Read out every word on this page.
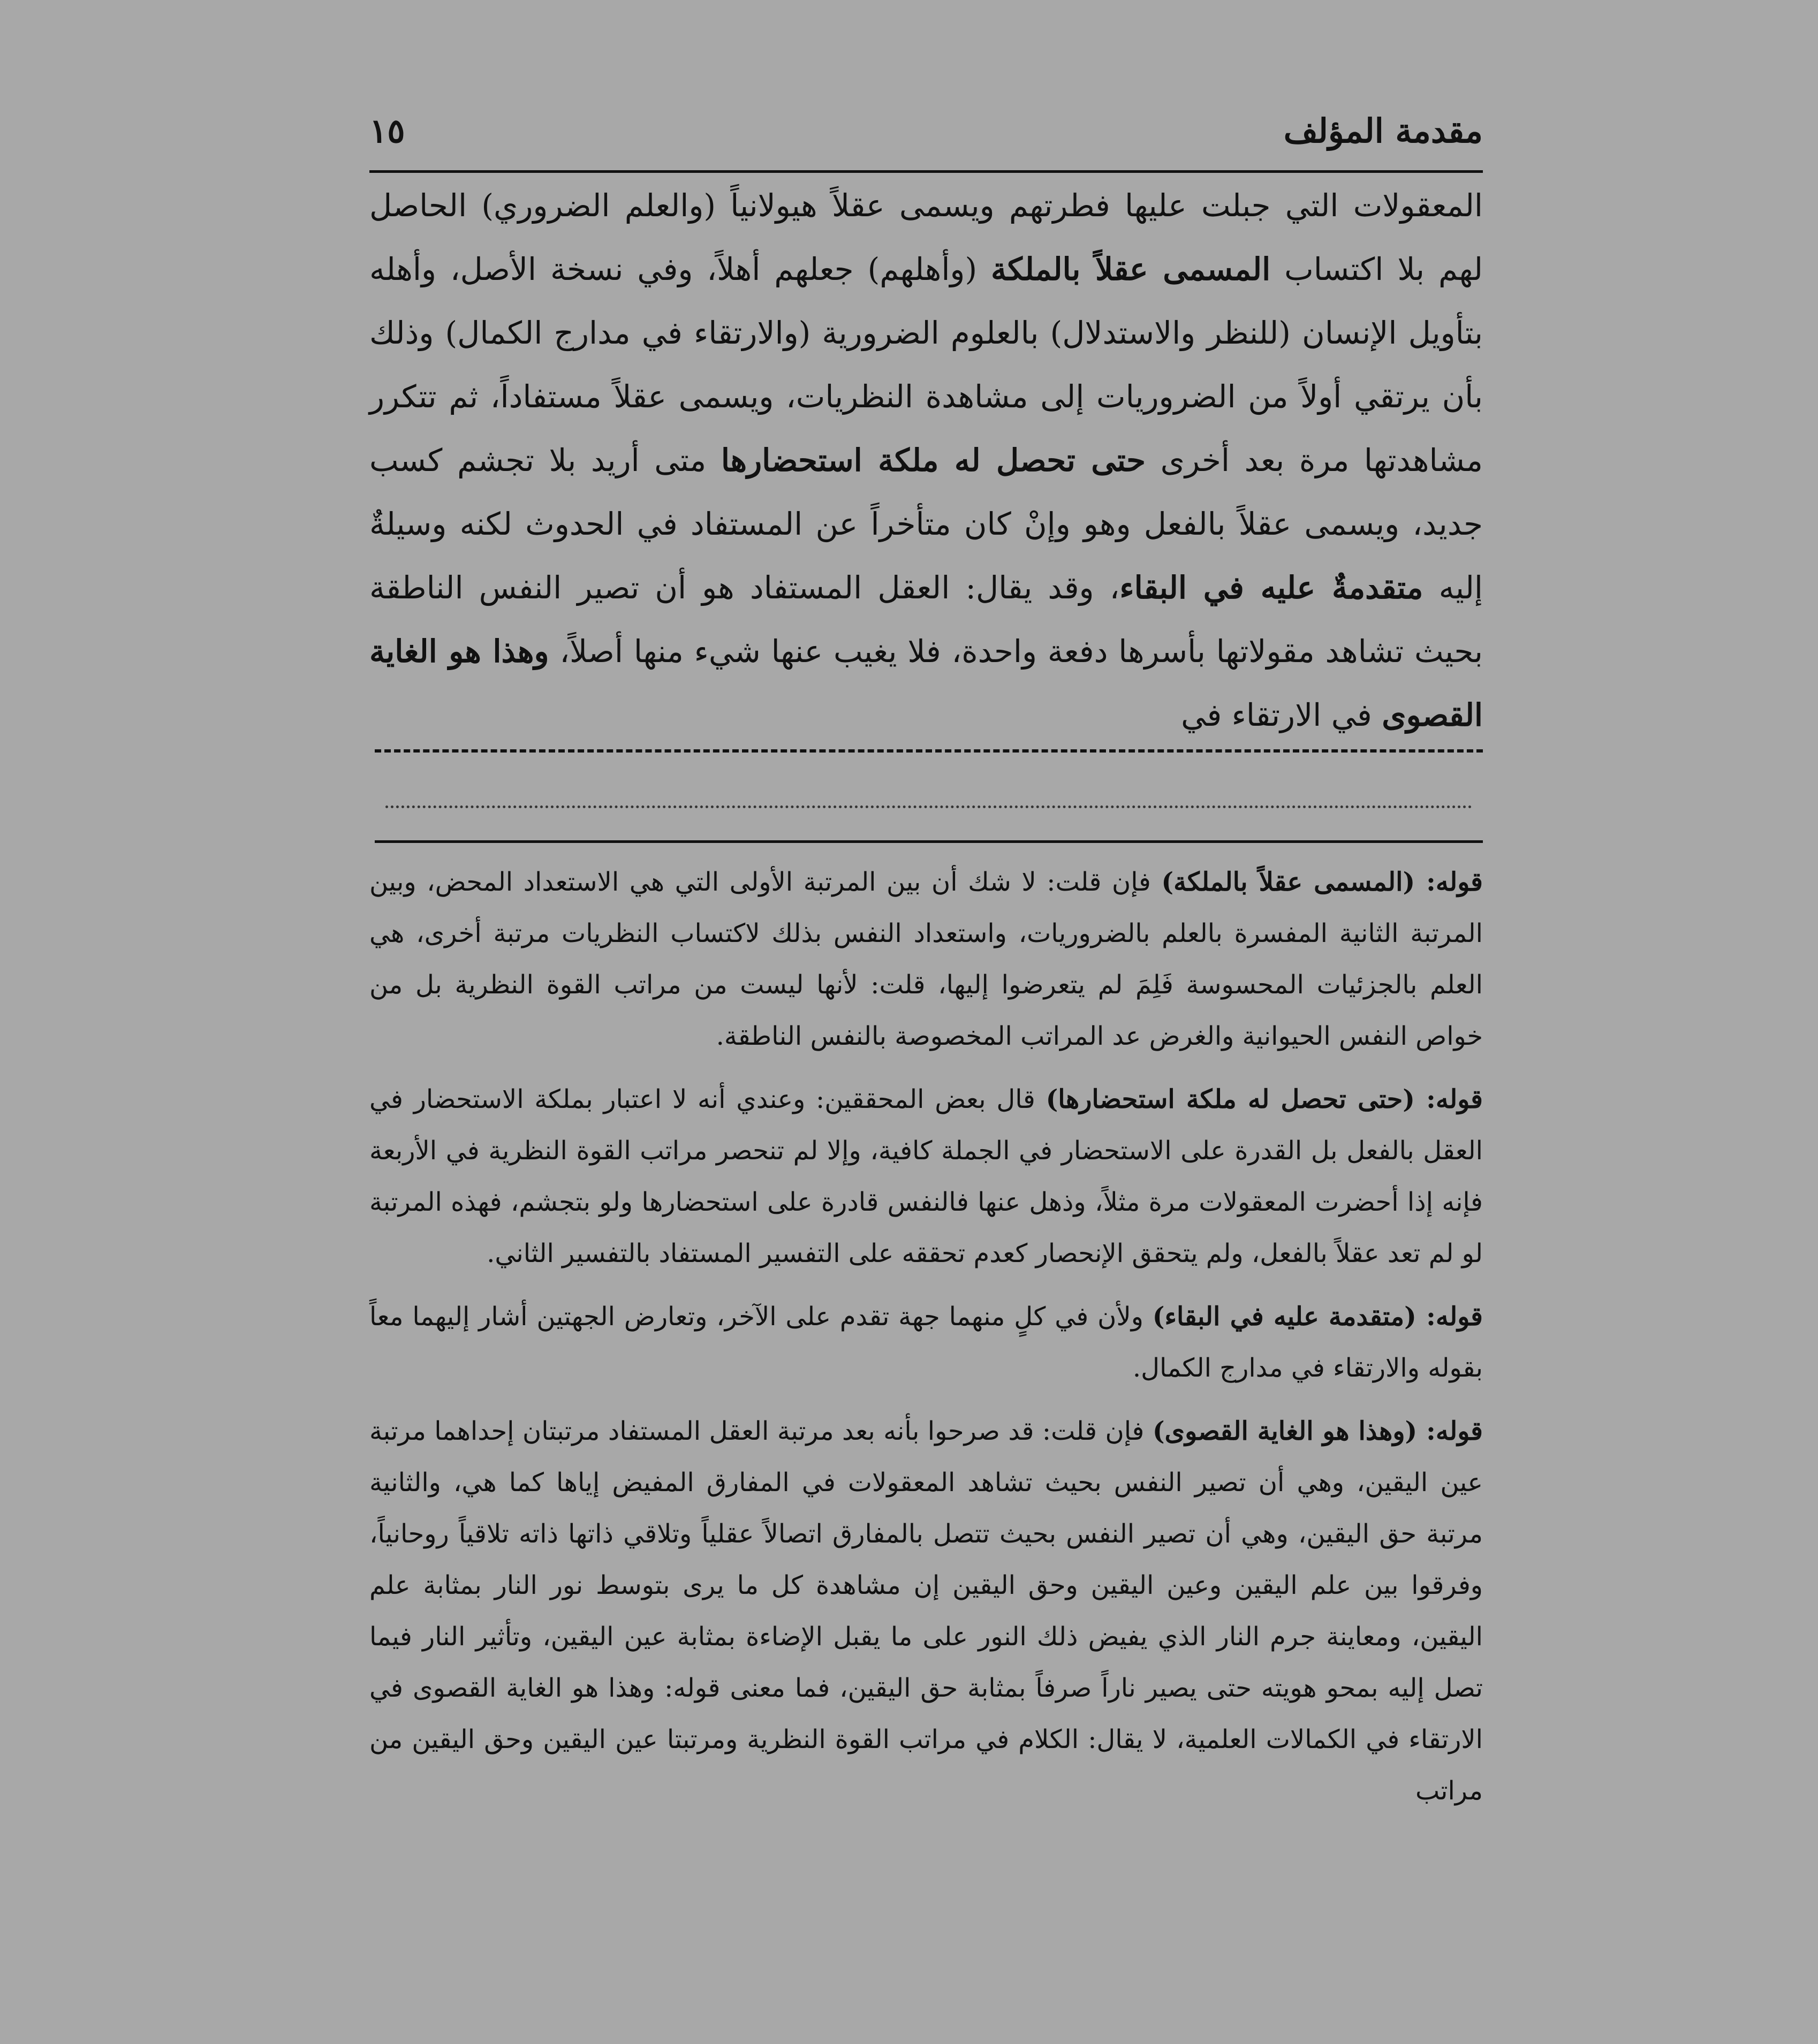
مقدمة المؤلف
١٥

المعقولات التي جبلت عليها فطرتهم ويسمى عقلاً هيولانياً (والعلم الضروري) الحاصل لهم بلا اكتساب المسمى عقلاً بالملكة (وأهلهم) جعلهم أهلاً، وفي نسخة الأصل، وأهله بتأويل الإنسان (للنظر والاستدلال) بالعلوم الضرورية (والارتقاء في مدارج الكمال) وذلك بأن يرتقي أولاً من الضروريات إلى مشاهدة النظريات، ويسمى عقلاً مستفاداً، ثم تتكرر مشاهدتها مرة بعد أخرى حتى تحصل له ملكة استحضارها متى أريد بلا تجشم كسب جديد، ويسمى عقلاً بالفعل وهو وإنْ كان متأخراً عن المستفاد في الحدوث لكنه وسيلةٌ إليه متقدمةٌ عليه في البقاء، وقد يقال: العقل المستفاد هو أن تصير النفس الناطقة بحيث تشاهد مقولاتها بأسرها دفعة واحدة، فلا يغيب عنها شيء منها أصلاً، وهذا هو الغاية القصوى في الارتقاء في

قوله: (المسمى عقلاً بالملكة) فإن قلت: لا شك أن بين المرتبة الأولى التي هي الاستعداد المحض، وبين المرتبة الثانية المفسرة بالعلم بالضروريات، واستعداد النفس بذلك لاكتساب النظريات مرتبة أخرى، هي العلم بالجزئيات المحسوسة فَلِمَ لم يتعرضوا إليها، قلت: لأنها ليست من مراتب القوة النظرية بل من خواص النفس الحيوانية والغرض عد المراتب المخصوصة بالنفس الناطقة.

قوله: (حتى تحصل له ملكة استحضارها) قال بعض المحققين: وعندي أنه لا اعتبار بملكة الاستحضار في العقل بالفعل بل القدرة على الاستحضار في الجملة كافية، وإلا لم تنحصر مراتب القوة النظرية في الأربعة فإنه إذا أحضرت المعقولات مرة مثلاً، وذهل عنها فالنفس قادرة على استحضارها ولو بتجشم، فهذه المرتبة لو لم تعد عقلاً بالفعل، ولم يتحقق الإنحصار كعدم تحققه على التفسير المستفاد بالتفسير الثاني.

قوله: (متقدمة عليه في البقاء) ولأن في كلٍ منهما جهة تقدم على الآخر، وتعارض الجهتين أشار إليهما معاً بقوله والارتقاء في مدارج الكمال.

قوله: (وهذا هو الغاية القصوى) فإن قلت: قد صرحوا بأنه بعد مرتبة العقل المستفاد مرتبتان إحداهما مرتبة عين اليقين، وهي أن تصير النفس بحيث تشاهد المعقولات في المفارق المفيض إياها كما هي، والثانية مرتبة حق اليقين، وهي أن تصير النفس بحيث تتصل بالمفارق اتصالاً عقلياً وتلاقي ذاتها ذاته تلاقياً روحانياً، وفرقوا بين علم اليقين وعين اليقين وحق اليقين إن مشاهدة كل ما يرى بتوسط نور النار بمثابة علم اليقين، ومعاينة جرم النار الذي يفيض ذلك النور على ما يقبل الإضاءة بمثابة عين اليقين، وتأثير النار فيما تصل إليه بمحو هويته حتى يصير ناراً صرفاً بمثابة حق اليقين، فما معنى قوله: وهذا هو الغاية القصوى في الارتقاء في الكمالات العلمية، لا يقال: الكلام في مراتب القوة النظرية ومرتبتا عين اليقين وحق اليقين من مراتب
